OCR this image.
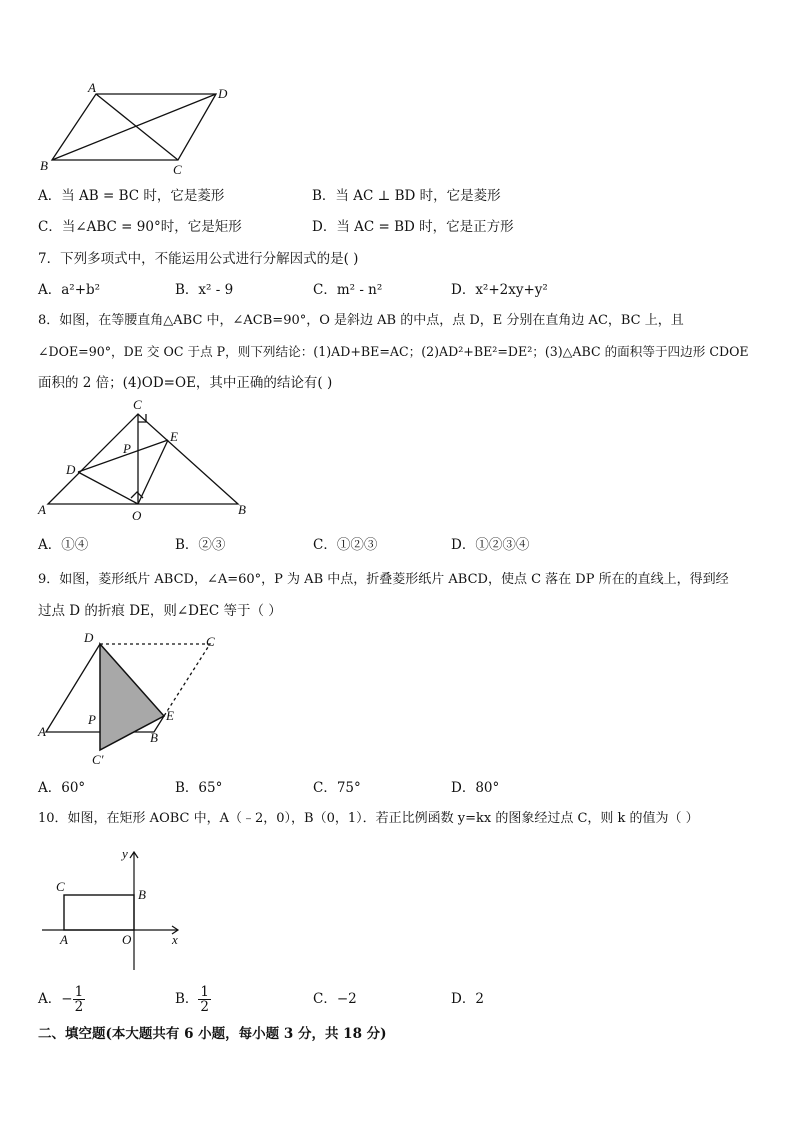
A	D
B	C
A．当 AB = BC 时，它是菱形	B．当 AC ⊥ BD 时，它是菱形
C．当∠ABC = 90°时，它是矩形	D．当 AC = BD 时，它是正方形
7．下列多项式中，不能运用公式进行分解因式的是( )
A．a²+b²	B．x² - 9	C．m² - n²	D．x²+2xy+y²
8．如图，在等腰直角△ABC 中，∠ACB=90°，O 是斜边 AB 的中点，点 D，E 分别在直角边 AC，BC 上，且
∠DOE=90°，DE 交 OC 于点 P，则下列结论：(1)AD+BE=AC；(2)AD²+BE²=DE²；(3)△ABC 的面积等于四边形 CDOE
面积的 2 倍；(4)OD=OE，其中正确的结论有( )
C
E
P
D
A	O	B
A．①④	B．②③	C．①②③	D．①②③④
9．如图，菱形纸片 ABCD，∠A=60°，P 为 AB 中点，折叠菱形纸片 ABCD，使点 C 落在 DP 所在的直线上，得到经
过点 D 的折痕 DE，则∠DEC 等于（ ）
D	C
A
P	E
B
C′
A．60°	B．65°	C．75°	D．80°
10．如图，在矩形 AOBC 中，A（﹣2，0），B（0，1）．若正比例函数 y=kx 的图象经过点 C，则 k 的值为（ ）
y
x
C
B
A	O
A．− $\frac{1}{2}$	B． $\frac{1}{2}$	C．−2	D．2
二、填空题(本大题共有 6 小题，每小题 3 分，共 18 分)
